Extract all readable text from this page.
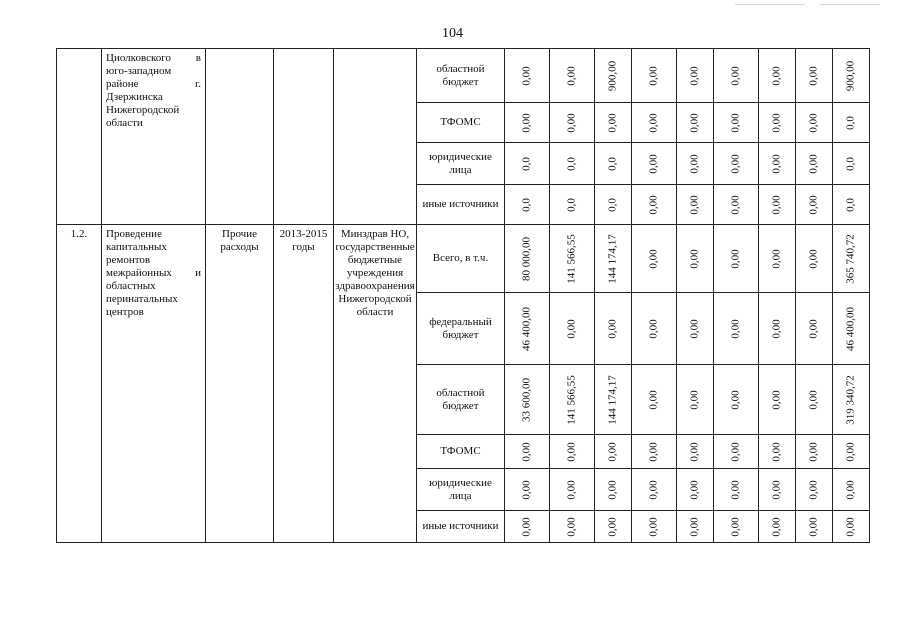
104
	Циолковского в юго-западном районе г. Дзержинска Нижегородской области				областной бюджет	0,00	0,00	900,00	0,00	0,00	0,00	0,00	0,00	900,00

					ТФОМС	0,00	0,00	0,00	0,00	0,00	0,00	0,00	0,00	0,0

					юридические лица	0,0	0,0	0,0	0,00	0,00	0,00	0,00	0,00	0,0

					иные источники	0,0	0,0	0,0	0,00	0,00	0,00	0,00	0,00	0,0

1.2.	Проведение капитальных ремонтов межрайонных и областных перинатальных центров	Прочие расходы	2013-2015 годы	Минздрав НО, государственные бюджетные учреждения здравоохранения Нижегородской области	Всего, в т.ч.	80 000,00	141 566,55	144 174,17	0,00	0,00	0,00	0,00	0,00	365 740,72

					федеральный бюджет	46 400,00	0,00	0,00	0,00	0,00	0,00	0,00	0,00	46 400,00

					областной бюджет	33 600,00	141 566,55	144 174,17	0,00	0,00	0,00	0,00	0,00	319 340,72

					ТФОМС	0,00	0,00	0,00	0,00	0,00	0,00	0,00	0,00	0,00

					юридические лица	0,00	0,00	0,00	0,00	0,00	0,00	0,00	0,00	0,00

					иные источники	0,00	0,00	0,00	0,00	0,00	0,00	0,00	0,00	0,00
